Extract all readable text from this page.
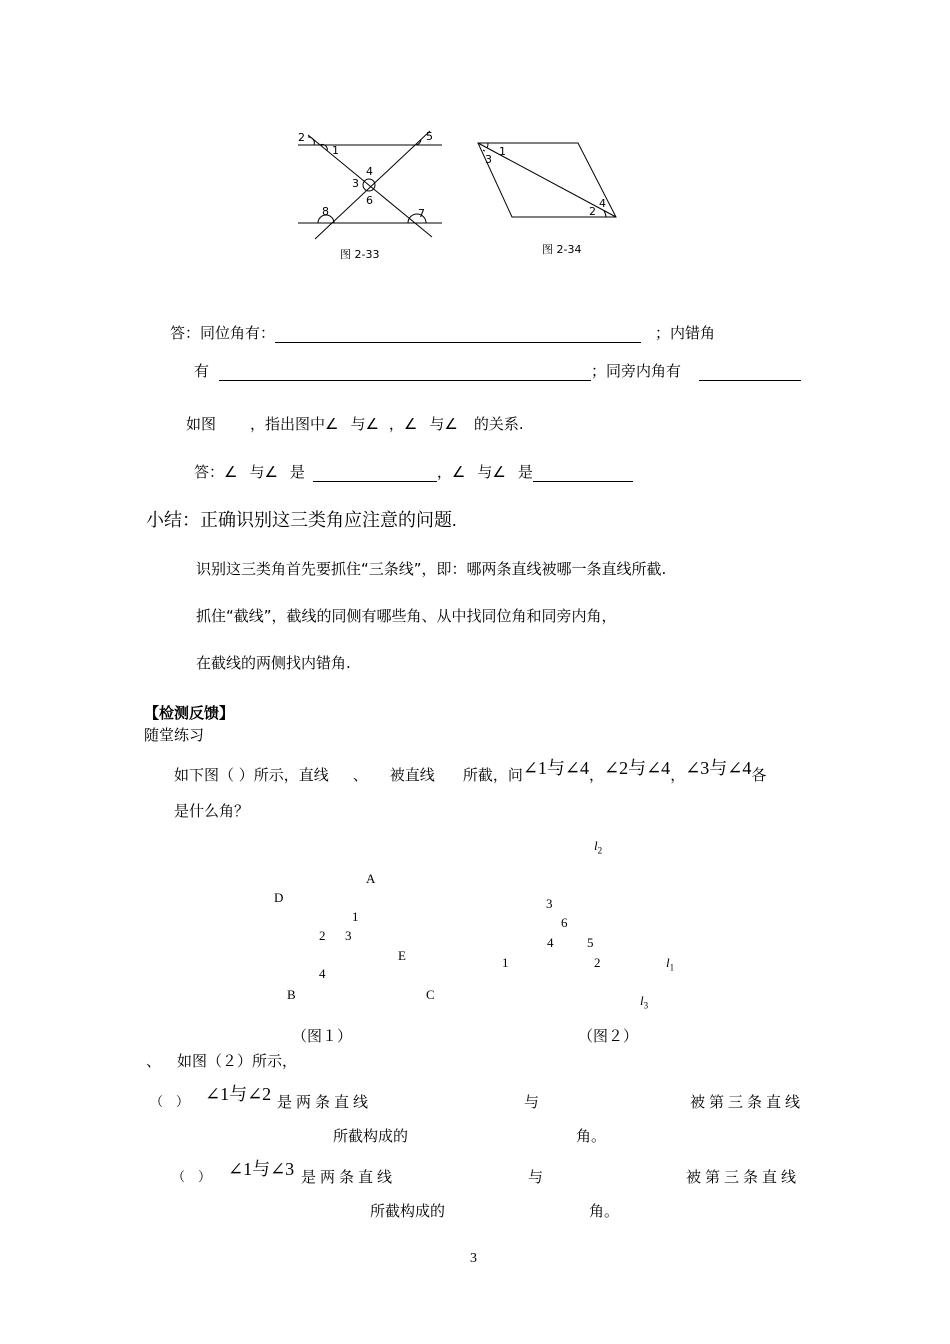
2
1
5
4
3
6
8	7
图 2-33
1
3
4
2
图 2-34
答：同位角有：	；内错角
有	；同旁内角有
如图 ，指出图中∠ 与∠ ，∠ 与∠ 的关系.
答：∠ 与∠ 是	，∠ 与∠ 是
小结：正确识别这三类角应注意的问题.
识别这三类角首先要抓住“三条线”，即：哪两条直线被哪一条直线所截.
抓住“截线”，截线的同侧有哪些角、从中找同位角和同旁内角，
在截线的两侧找内错角.
【检测反馈】
随堂练习
如下图（ ）所示，直线 、 被直线 所截，问∠1与∠4，∠2与∠4，∠3与∠4各
是什么角？
A
D
1
2 3
E
4
B	C
（图１）
$l_2$
3
6
4	5
1	2	$l_1$
$l_3$
（图２）
、 如图（２）所示，
（　） ∠1与∠2 是两条直线	与	被第三条直线
所截构成的	角。
（　） ∠1与∠3 是两条直线	与	被第三条直线
所截构成的	角。
3
